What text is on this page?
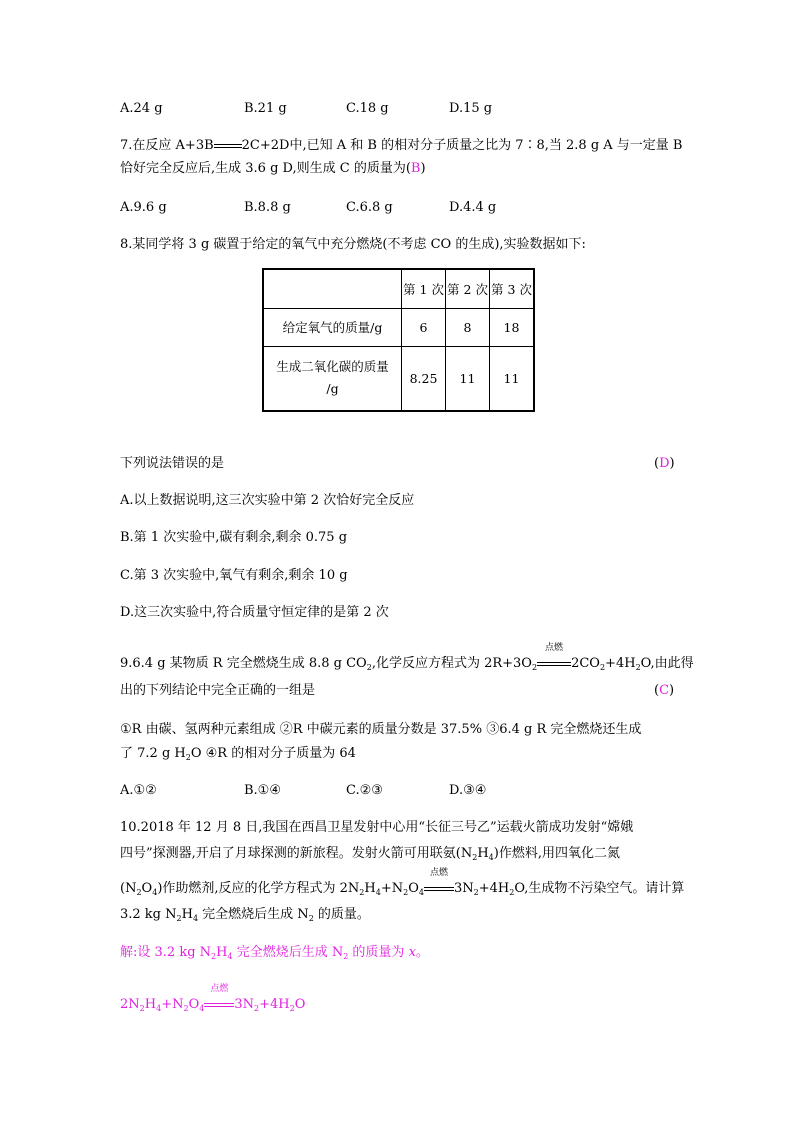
A.24 g	B.21 g	C.18 g	D.15 g
7.在反应 A+3B 2C+2D中,已知 A 和 B 的相对分子质量之比为 7∶8,当 2.8 g A 与一定量 B
恰好完全反应后,生成 3.6 g D,则生成 C 的质量为(B)
A.9.6 g	B.8.8 g	C.6.8 g	D.4.4 g
8.某同学将 3 g 碳置于给定的氧气中充分燃烧(不考虑 CO 的生成),实验数据如下:
	第 1 次	第 2 次	第 3 次
给定氧气的质量/g	6	8	18

生成二氧化碳的质量
/g	8.25	11	11
下列说法错误的是	(D)
A.以上数据说明,这三次实验中第 2 次恰好完全反应
B.第 1 次实验中,碳有剩余,剩余 0.75 g
C.第 3 次实验中,氧气有剩余,剩余 10 g
D.这三次实验中,符合质量守恒定律的是第 2 次
9.6.4 g 某物质 R 完全燃烧生成 8.8 g $CO_2$,化学反应方程式为 $2R+3O_2$
点燃
$2CO_2+4H_2O$,由此得
出的下列结论中完全正确的一组是	(C)
①R 由碳、氢两种元素组成 ②R 中碳元素的质量分数是 37.5% ③6.4 g R 完全燃烧还生成
了 7.2 g $H_2O$ ④R 的相对分子质量为 64
A.①②	B.①④	C.②③	D.③④
10.2018 年 12 月 8 日,我国在西昌卫星发射中心用“长征三号乙”运载火箭成功发射“嫦娥
四号”探测器,开启了月球探测的新旅程。发射火箭可用联氨$(N_2H_4)$作燃料,用四氧化二氮
$(N_2O_4)$作助燃剂,反应的化学方程式为 $2N_2H_4+N_2O_4$
点燃
$3N_2+4H_2O$,生成物不污染空气。请计算
3.2 kg $N_2H_4$ 完全燃烧后生成 $N_2$ 的质量。
解:设 3.2 kg $N_2H_4$ 完全燃烧后生成 $N_2$ 的质量为 x。
$2N_2H_4+N_2O_4$
点燃
$3N_2+4H_2O$
